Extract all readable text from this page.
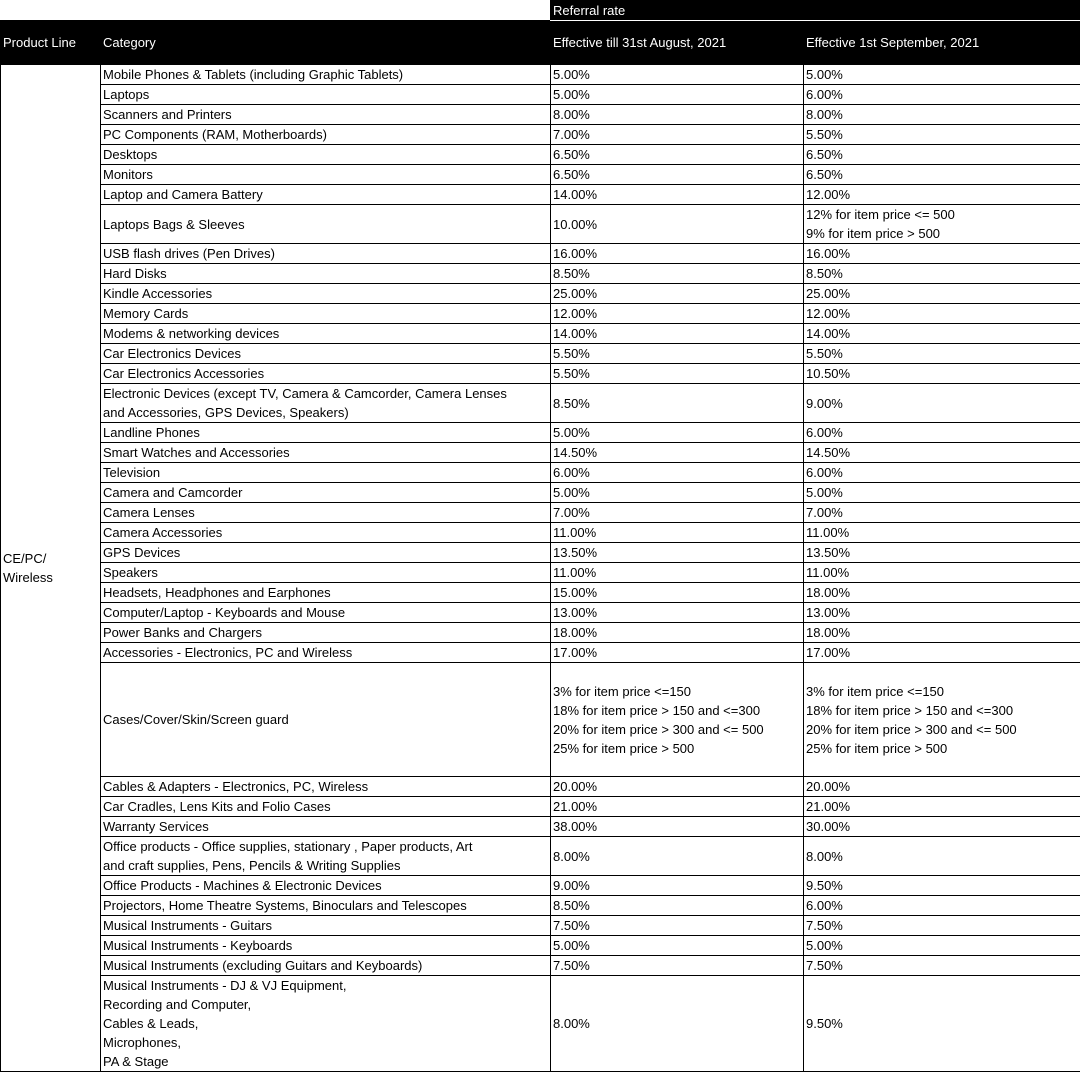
		Referral rate	
Product Line	Category	Effective till 31st August, 2021	Effective 1st September, 2021

CE/PC/
Wireless	Mobile Phones & Tablets (including Graphic Tablets)	5.00%	5.00%

	Laptops	5.00%	6.00%

	Scanners and Printers	8.00%	8.00%

	PC Components (RAM, Motherboards)	7.00%	5.50%

	Desktops	6.50%	6.50%

	Monitors	6.50%	6.50%

	Laptop and Camera Battery	14.00%	12.00%

	Laptops Bags & Sleeves	10.00%	12% for item price <= 500
9% for item price > 500

	USB flash drives (Pen Drives)	16.00%	16.00%

	Hard Disks	8.50%	8.50%

	Kindle Accessories	25.00%	25.00%

	Memory Cards	12.00%	12.00%

	Modems & networking devices	14.00%	14.00%

	Car Electronics Devices	5.50%	5.50%

	Car Electronics Accessories	5.50%	10.50%

	Electronic Devices (except TV, Camera & Camcorder, Camera Lenses
and Accessories, GPS Devices, Speakers)	8.50%	9.00%

	Landline Phones	5.00%	6.00%

	Smart Watches and Accessories	14.50%	14.50%

	Television	6.00%	6.00%

	Camera and Camcorder	5.00%	5.00%

	Camera Lenses	7.00%	7.00%

	Camera Accessories	11.00%	11.00%

	GPS Devices	13.50%	13.50%

	Speakers	11.00%	11.00%

	Headsets, Headphones and Earphones	15.00%	18.00%

	Computer/Laptop - Keyboards and Mouse	13.00%	13.00%

	Power Banks and Chargers	18.00%	18.00%

	Accessories - Electronics, PC and Wireless	17.00%	17.00%

	Cases/Cover/Skin/Screen guard	3% for item price <=150
18% for item price > 150 and <=300
20% for item price > 300 and <= 500
25% for item price > 500	3% for item price <=150
18% for item price > 150 and <=300
20% for item price > 300 and <= 500
25% for item price > 500

	Cables & Adapters - Electronics, PC, Wireless	20.00%	20.00%

	Car Cradles, Lens Kits and Folio Cases	21.00%	21.00%

	Warranty Services	38.00%	30.00%

	Office products - Office supplies, stationary , Paper products, Art
and craft supplies, Pens, Pencils & Writing Supplies	8.00%	8.00%

	Office Products - Machines & Electronic Devices	9.00%	9.50%

	Projectors, Home Theatre Systems, Binoculars and Telescopes	8.50%	6.00%

	Musical Instruments - Guitars	7.50%	7.50%

	Musical Instruments - Keyboards	5.00%	5.00%

	Musical Instruments (excluding Guitars and Keyboards)	7.50%	7.50%

	Musical Instruments - DJ & VJ Equipment,
Recording and Computer,
Cables & Leads,
Microphones,
PA & Stage	8.00%	9.50%
